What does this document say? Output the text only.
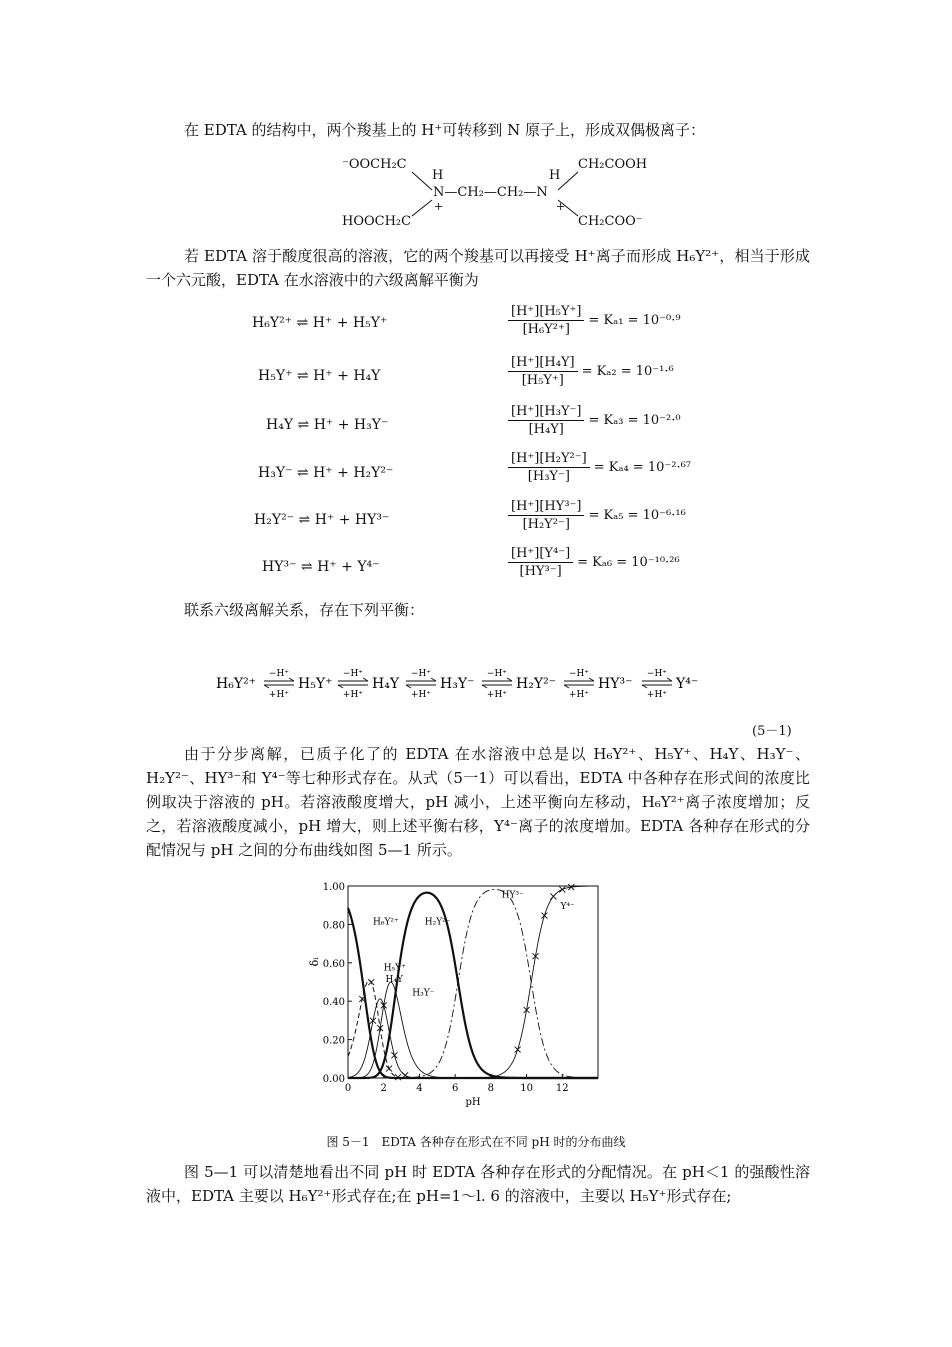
在 EDTA 的结构中，两个羧基上的 H⁺可转移到 N 原子上，形成双偶极离子：

⁻OOCH₂C	CH₂COOH
H	H
N—CH₂—CH₂—N
+	+
HOOCH₂C	CH₂COO⁻

若 EDTA 溶于酸度很高的溶液，它的两个羧基可以再接受 H⁺离子而形成 H₆Y²⁺，相当于形成一个六元酸，EDTA 在水溶液中的六级离解平衡为

H₆Y²⁺ ⇌ H⁺ + H₅Y⁺	$\frac{\text{[H⁺][H₅Y⁺]}}{\text{[H₆Y²⁺]}} = K_{a1} = 10^{-0}\cdot^9$
H₅Y⁺ ⇌ H⁺ + H₄Y	$\frac{\text{[H⁺][H₄Y]}}{\text{[H₅Y⁺]}} = K_{a2} = 10^{-1}\cdot^6$
H₄Y ⇌ H⁺ + H₃Y⁻	$\frac{\text{[H⁺][H₃Y⁻]}}{\text{[H₄Y]}} = K_{a3} = 10^{-2}\cdot^0$
H₃Y⁻ ⇌ H⁺ + H₂Y²⁻	$\frac{\text{[H⁺][H₂Y²⁻]}}{\text{[H₃Y⁻]}} = K_{a4} = 10^{-2}\cdot^{67}$
H₂Y²⁻ ⇌ H⁺ + HY³⁻	$\frac{\text{[H⁺][HY³⁻]}}{\text{[H₂Y²⁻]}} = K_{a5} = 10^{-6}\cdot^{16}$
HY³⁻ ⇌ H⁺ + Y⁴⁻	$\frac{\text{[H⁺][Y⁴⁻]}}{\text{[HY³⁻]}} = K_{a6} = 10^{-10}\cdot^{26}$

联系六级离解关系，存在下列平衡：

H₆Y²⁺
−H⁺
+H⁺
H₅Y⁺
−H⁺
+H⁺
H₄Y
−H⁺
+H⁺
H₃Y⁻
−H⁺
+H⁺
H₂Y²⁻
−H⁺
+H⁺
HY³⁻
−H⁺
+H⁺
Y⁴⁻
(5－1)

由于分步离解，已质子化了的 EDTA 在水溶液中总是以 H₆Y²⁺、H₅Y⁺、H₄Y、H₃Y⁻、H₂Y²⁻、HY³⁻和 Y⁴⁻等七种形式存在。从式（5一1）可以看出，EDTA 中各种存在形式间的浓度比例取决于溶液的 pH。若溶液酸度增大，pH 减小，上述平衡向左移动，H₆Y²⁺离子浓度增加；反之，若溶液酸度减小，pH 增大，则上述平衡右移，Y⁴⁻离子的浓度增加。EDTA 各种存在形式的分配情况与 pH 之间的分布曲线如图 5—1 所示。

0.00
0.20
0.40
0.60
0.80
1.00
0	2	4	6	8	10 12
pH
δᵢ
H₆Y²⁺
H₅Y⁺
H₄Y
H₃Y⁻
H₂Y²⁻
HY³⁻
Y⁴⁻
图 5－1　EDTA 各种存在形式在不同 pH 时的分布曲线

图 5—1 可以清楚地看出不同 pH 时 EDTA 各种存在形式的分配情况。在 pH＜1 的强酸性溶液中，EDTA 主要以 H₆Y²⁺形式存在;在 pH=1～l. 6 的溶液中，主要以 H₅Y⁺形式存在;
